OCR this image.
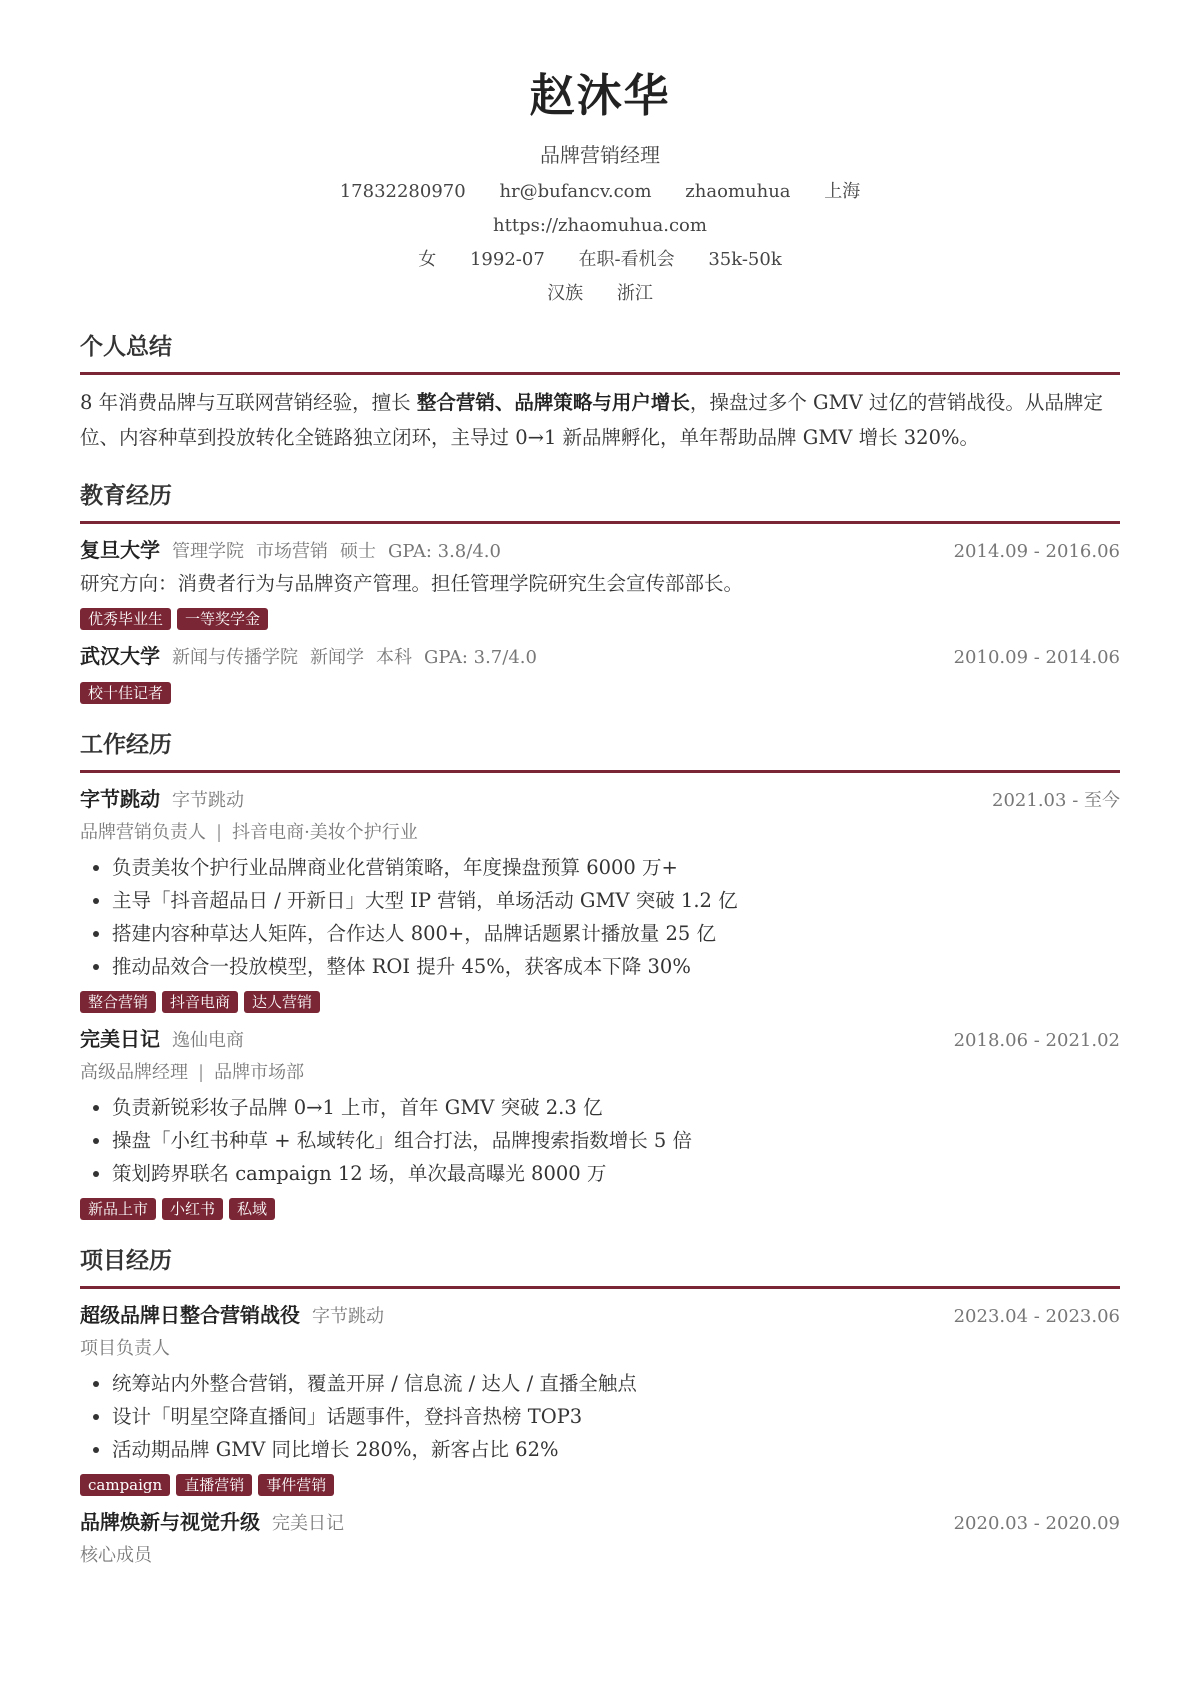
赵沐华
品牌营销经理
17832280970 hr@bufancv.com zhaomuhua 上海
https://zhaomuhua.com
女 1992-07 在职-看机会 35k-50k
汉族 浙江
个人总结

8 年消费品牌与互联网营销经验，擅长 整合营销、品牌策略与用户增长，操盘过多个 GMV 过亿的营销战役。从品牌定位、内容种草到投放转化全链路独立闭环，主导过 0→1 新品牌孵化，单年帮助品牌 GMV 增长 320%。

教育经历
复旦大学 管理学院 市场营销 硕士 GPA: 3.8/4.0	2014.09 - 2016.06
研究方向：消费者行为与品牌资产管理。担任管理学院研究生会宣传部部长。
优秀毕业生	一等奖学金
武汉大学 新闻与传播学院 新闻学 本科 GPA: 3.7/4.0	2010.09 - 2014.06
校十佳记者
工作经历
字节跳动 字节跳动	2021.03 - 至今
品牌营销负责人 | 抖音电商·美妆个护行业
• 负责美妆个护行业品牌商业化营销策略，年度操盘预算 6000 万+
• 主导「抖音超品日 / 开新日」大型 IP 营销，单场活动 GMV 突破 1.2 亿
• 搭建内容种草达人矩阵，合作达人 800+，品牌话题累计播放量 25 亿
• 推动品效合一投放模型，整体 ROI 提升 45%，获客成本下降 30%
整合营销	抖音电商	达人营销
完美日记 逸仙电商	2018.06 - 2021.02
高级品牌经理 | 品牌市场部
• 负责新锐彩妆子品牌 0→1 上市，首年 GMV 突破 2.3 亿
• 操盘「小红书种草 + 私域转化」组合打法，品牌搜索指数增长 5 倍
• 策划跨界联名 campaign 12 场，单次最高曝光 8000 万
新品上市	小红书	私域
项目经历
超级品牌日整合营销战役 字节跳动	2023.04 - 2023.06
项目负责人
• 统筹站内外整合营销，覆盖开屏 / 信息流 / 达人 / 直播全触点
• 设计「明星空降直播间」话题事件，登抖音热榜 TOP3
• 活动期品牌 GMV 同比增长 280%，新客占比 62%
campaign	直播营销	事件营销
品牌焕新与视觉升级 完美日记	2020.03 - 2020.09
核心成员
